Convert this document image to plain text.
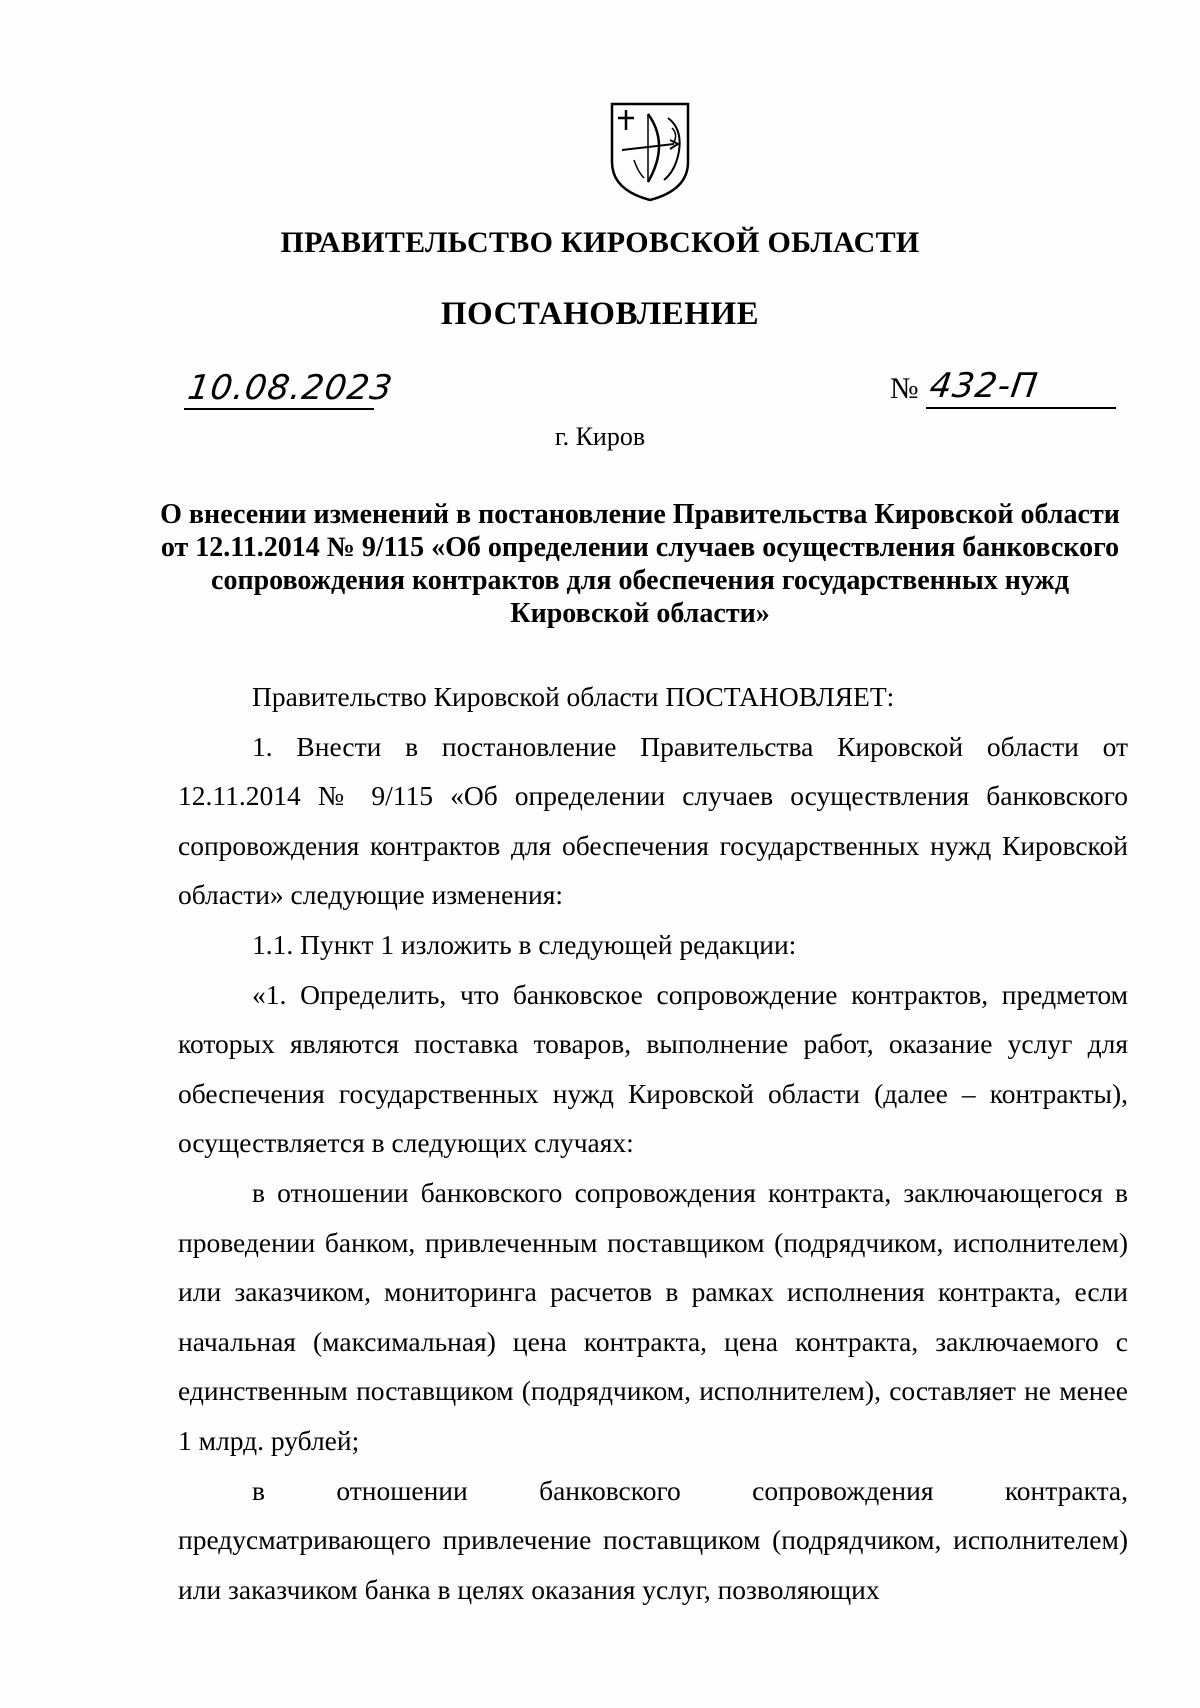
ПРАВИТЕЛЬСТВО КИРОВСКОЙ ОБЛАСТИ
ПОСТАНОВЛЕНИЕ
10.08.2023	№ 432-П
г. Киров
О внесении изменений в постановление Правительства Кировской области от 12.11.2014 № 9/115 «Об определении случаев осуществления банковского сопровождения контрактов для обеспечения государственных нужд Кировской области»

Правительство Кировской области ПОСТАНОВЛЯЕТ:

1. Внести в постановление Правительства Кировской области от 12.11.2014 № 9/115 «Об определении случаев осуществления банковского сопровождения контрактов для обеспечения государственных нужд Кировской области» следующие изменения:

1.1. Пункт 1 изложить в следующей редакции:

«1. Определить, что банковское сопровождение контрактов, предметом которых являются поставка товаров, выполнение работ, оказание услуг для обеспечения государственных нужд Кировской области (далее – контракты), осуществляется в следующих случаях:

в отношении банковского сопровождения контракта, заключающегося в проведении банком, привлеченным поставщиком (подрядчиком, исполнителем) или заказчиком, мониторинга расчетов в рамках исполнения контракта, если начальная (максимальная) цена контракта, цена контракта, заключаемого с единственным поставщиком (подрядчиком, исполнителем), составляет не менее 1 млрд. рублей;

в отношении банковского сопровождения контракта, предусматривающего привлечение поставщиком (подрядчиком, исполнителем) или заказчиком банка в целях оказания услуг, позволяющих
